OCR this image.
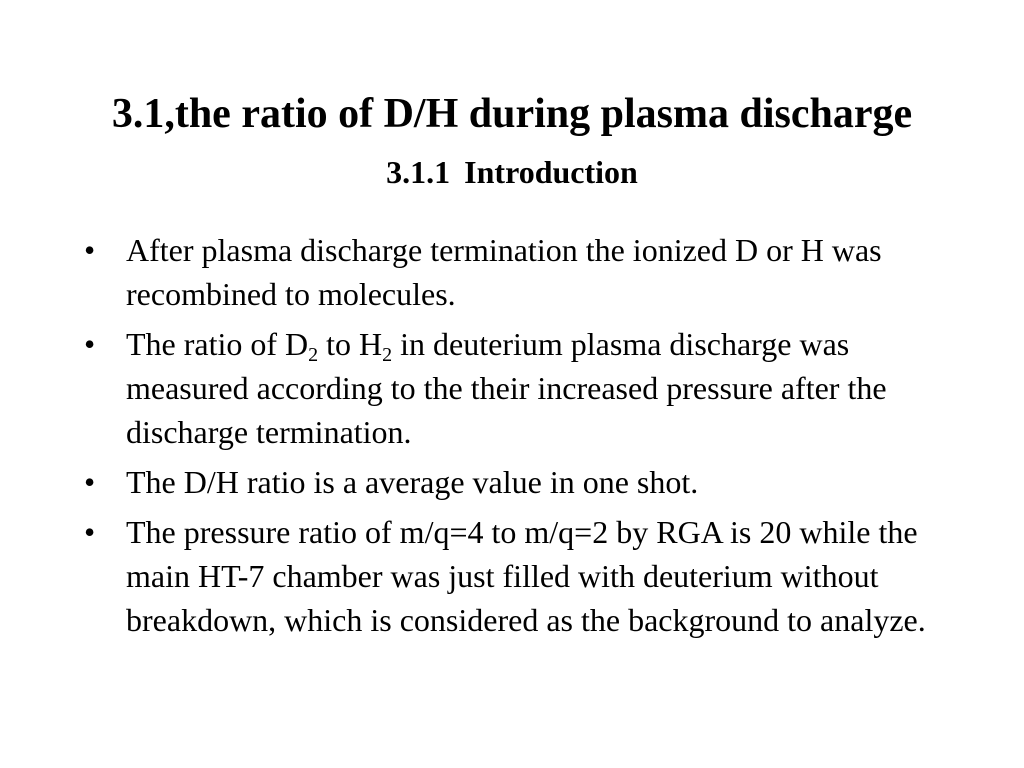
3.1,the ratio of D/H during plasma discharge
3.1.1 Introduction
• After plasma discharge termination the ionized D or H was recombined to molecules.
• The ratio of $D_2$ to $H_2$ in deuterium plasma discharge was measured according to the their increased pressure after the discharge termination.
• The D/H ratio is a average value in one shot.
• The pressure ratio of m/q=4 to m/q=2 by RGA is 20 while the main HT-7 chamber was just filled with deuterium without breakdown, which is considered as the background to analyze.
